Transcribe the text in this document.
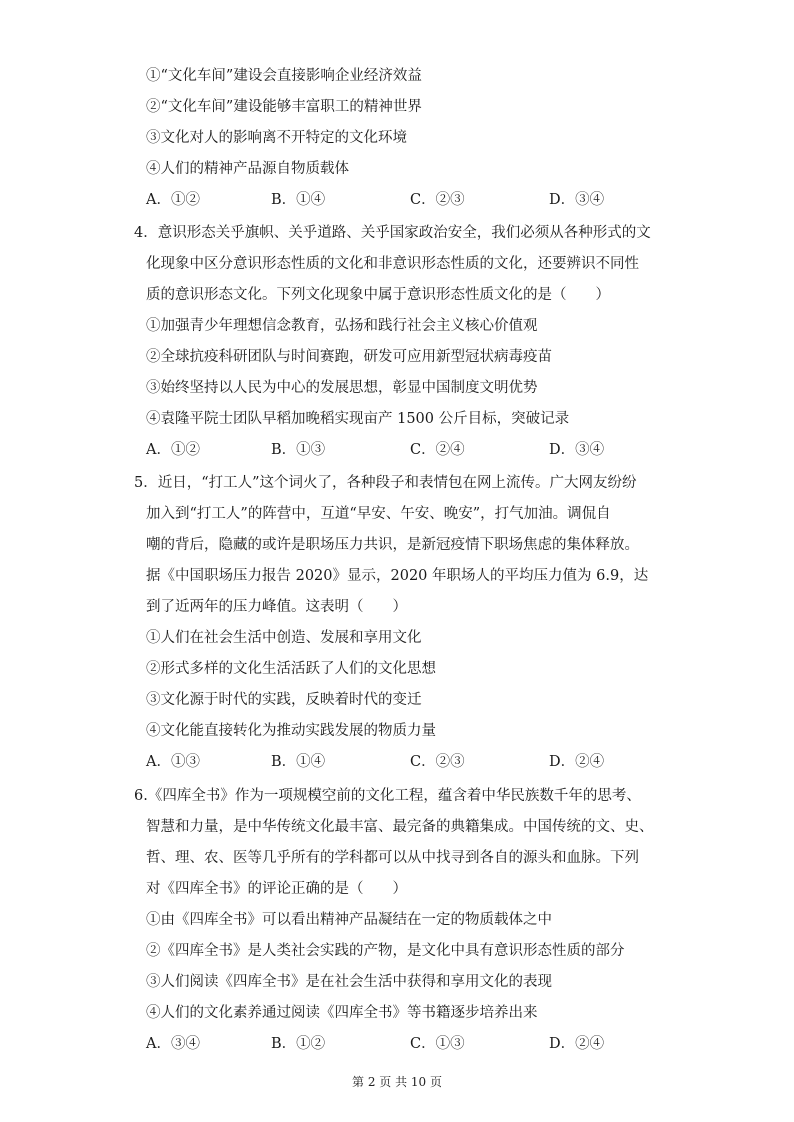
①“文化车间”建设会直接影响企业经济效益
②“文化车间”建设能够丰富职工的精神世界
③文化对人的影响离不开特定的文化环境
④人们的精神产品源自物质载体
A．①②	B．①④	C．②③	D．③④
4．意识形态关乎旗帜、关乎道路、关乎国家政治安全，我们必须从各种形式的文
化现象中区分意识形态性质的文化和非意识形态性质的文化，还要辨识不同性
质的意识形态文化。下列文化现象中属于意识形态性质文化的是（　　）
①加强青少年理想信念教育，弘扬和践行社会主义核心价值观
②全球抗疫科研团队与时间赛跑，研发可应用新型冠状病毒疫苗
③始终坚持以人民为中心的发展思想，彰显中国制度文明优势
④袁隆平院士团队早稻加晚稻实现亩产 1500 公斤目标，突破记录
A．①②	B．①③	C．②④	D．③④
5．近日，“打工人”这个词火了，各种段子和表情包在网上流传。广大网友纷纷
加入到“打工人”的阵营中，互道“早安、午安、晚安”，打气加油。调侃自
嘲的背后，隐藏的或许是职场压力共识，是新冠疫情下职场焦虑的集体释放。
据《中国职场压力报告 2020》显示，2020 年职场人的平均压力值为 6.9，达
到了近两年的压力峰值。这表明（　　）
①人们在社会生活中创造、发展和享用文化
②形式多样的文化生活活跃了人们的文化思想
③文化源于时代的实践，反映着时代的变迁
④文化能直接转化为推动实践发展的物质力量
A．①③	B．①④	C．②③	D．②④
6.《四库全书》作为一项规模空前的文化工程，蕴含着中华民族数千年的思考、
智慧和力量，是中华传统文化最丰富、最完备的典籍集成。中国传统的文、史、
哲、理、农、医等几乎所有的学科都可以从中找寻到各自的源头和血脉。下列
对《四库全书》的评论正确的是（　　）
①由《四库全书》可以看出精神产品凝结在一定的物质载体之中
②《四库全书》是人类社会实践的产物，是文化中具有意识形态性质的部分
③人们阅读《四库全书》是在社会生活中获得和享用文化的表现
④人们的文化素养通过阅读《四库全书》等书籍逐步培养出来
A．③④	B．①②	C．①③	D．②④
第 2 页 共 10 页
